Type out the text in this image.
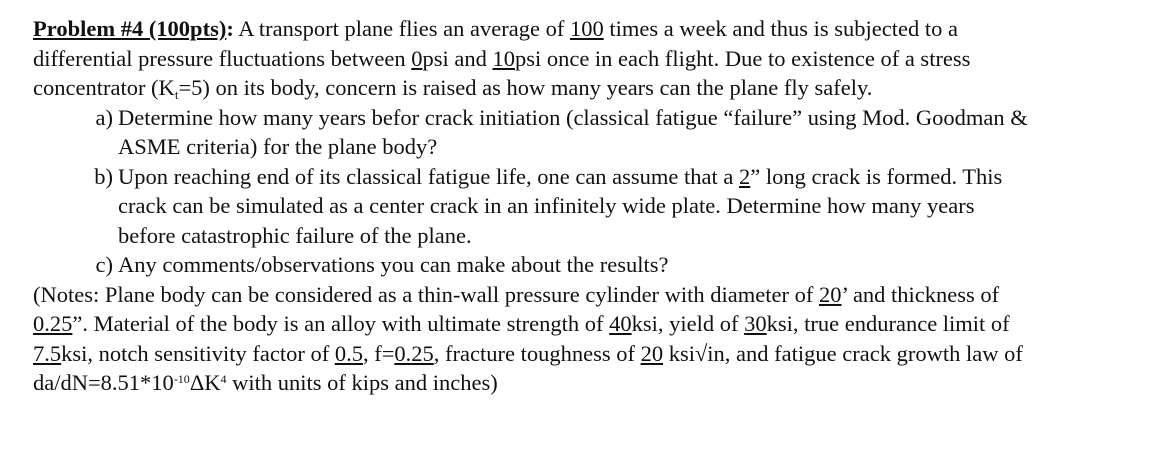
Problem #4 (100pts): A transport plane flies an average of 100 times a week and thus is subjected to a
differential pressure fluctuations between 0psi and 10psi once in each flight. Due to existence of a stress
concentrator $(K_t=5)$ on its body, concern is raised as how many years can the plane fly safely.
a) Determine how many years befor crack initiation (classical fatigue “failure” using Mod. Goodman &
ASME criteria) for the plane body?
b) Upon reaching end of its classical fatigue life, one can assume that a 2” long crack is formed. This
crack can be simulated as a center crack in an infinitely wide plate. Determine how many years
before catastrophic failure of the plane.
c) Any comments/observations you can make about the results?
(Notes: Plane body can be considered as a thin-wall pressure cylinder with diameter of 20’ and thickness of
0.25”. Material of the body is an alloy with ultimate strength of 40ksi, yield of 30ksi, true endurance limit of
7.5ksi, notch sensitivity factor of 0.5, f=0.25, fracture toughness of 20 ksi√in, and fatigue crack growth law of
$da/dN=8.51*10^{-10}\Delta K^4$ with units of kips and inches)
